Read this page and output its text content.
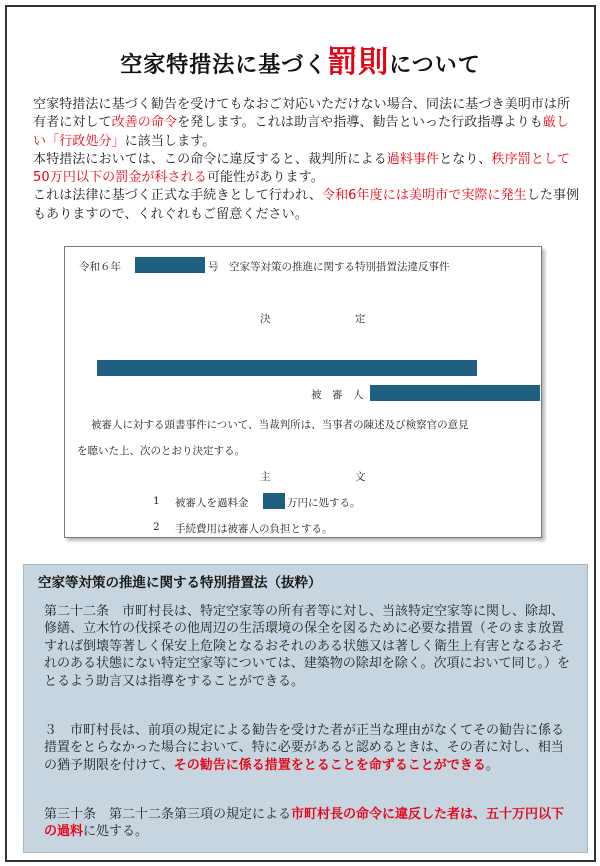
空家特措法に基づく罰則について

空家特措法に基づく勧告を受けてもなおご対応いただけない場合、同法に基づき美明市は所有者に対して改善の命令を発します。これは助言や指導、勧告といった行政指導よりも厳しい「行政処分」に該当します。

本特措法においては、この命令に違反すると、裁判所による過料事件となり、秩序罰として50万円以下の罰金が科される可能性があります。

これは法律に基づく正式な手続きとして行われ、令和6年度には美明市で実際に発生した事例もありますので、くれぐれもご留意ください。

令和６年	号　空家等対策の推進に関する特別措置法違反事件
決	定
被　審　人
被審人に対する頭書事件について、当裁判所は、当事者の陳述及び検察官の意見
を聴いた上、次のとおり決定する。
主	文
1 被審人を過料金	万円に処する。
2 手続費用は被審人の負担とする。
空家等対策の推進に関する特別措置法（抜粋）

第二十二条　市町村長は、特定空家等の所有者等に対し、当該特定空家等に関し、除却、修繕、立木竹の伐採その他周辺の生活環境の保全を図るために必要な措置（そのまま放置すれば倒壊等著しく保安上危険となるおそれのある状態又は著しく衛生上有害となるおそれのある状態にない特定空家等については、建築物の除却を除く。次項において同じ。）をとるよう助言又は指導をすることができる。

３　市町村長は、前項の規定による勧告を受けた者が正当な理由がなくてその勧告に係る措置をとらなかった場合において、特に必要があると認めるときは、その者に対し、相当の猶予期限を付けて、その勧告に係る措置をとることを命ずることができる。

第三十条　第二十二条第三項の規定による市町村長の命令に違反した者は、五十万円以下の過料に処する。
